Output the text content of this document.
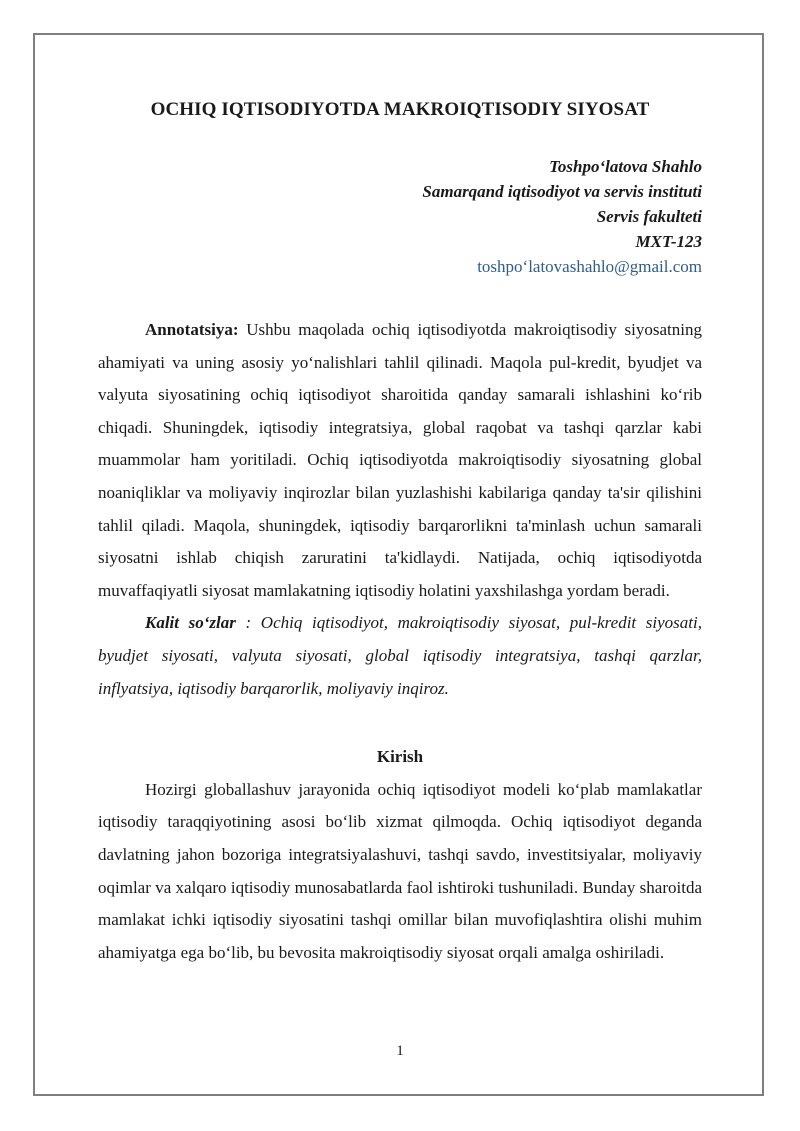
OCHIQ IQTISODIYOTDA MAKROIQTISODIY SIYOSAT
Toshpo‘latova Shahlo
Samarqand iqtisodiyot va servis instituti
Servis fakulteti
MXT-123
toshpo‘latovashahlo@gmail.com

Annotatsiya: Ushbu maqolada ochiq iqtisodiyotda makroiqtisodiy siyosatning ahamiyati va uning asosiy yo‘nalishlari tahlil qilinadi. Maqola pul-kredit, byudjet va valyuta siyosatining ochiq iqtisodiyot sharoitida qanday samarali ishlashini ko‘rib chiqadi. Shuningdek, iqtisodiy integratsiya, global raqobat va tashqi qarzlar kabi muammolar ham yoritiladi. Ochiq iqtisodiyotda makroiqtisodiy siyosatning global noaniqliklar va moliyaviy inqirozlar bilan yuzlashishi kabilariga qanday ta'sir qilishini tahlil qiladi. Maqola, shuningdek, iqtisodiy barqarorlikni ta'minlash uchun samarali siyosatni ishlab chiqish zaruratini ta'kidlaydi. Natijada, ochiq iqtisodiyotda muvaffaqiyatli siyosat mamlakatning iqtisodiy holatini yaxshilashga yordam beradi.

Kalit so‘zlar : Ochiq iqtisodiyot, makroiqtisodiy siyosat, pul-kredit siyosati, byudjet siyosati, valyuta siyosati, global iqtisodiy integratsiya, tashqi qarzlar, inflyatsiya, iqtisodiy barqarorlik, moliyaviy inqiroz.

Kirish

Hozirgi globallashuv jarayonida ochiq iqtisodiyot modeli ko‘plab mamlakatlar iqtisodiy taraqqiyotining asosi bo‘lib xizmat qilmoqda. Ochiq iqtisodiyot deganda davlatning jahon bozoriga integratsiyalashuvi, tashqi savdo, investitsiyalar, moliyaviy oqimlar va xalqaro iqtisodiy munosabatlarda faol ishtiroki tushuniladi. Bunday sharoitda mamlakat ichki iqtisodiy siyosatini tashqi omillar bilan muvofiqlashtira olishi muhim ahamiyatga ega bo‘lib, bu bevosita makroiqtisodiy siyosat orqali amalga oshiriladi.

1
